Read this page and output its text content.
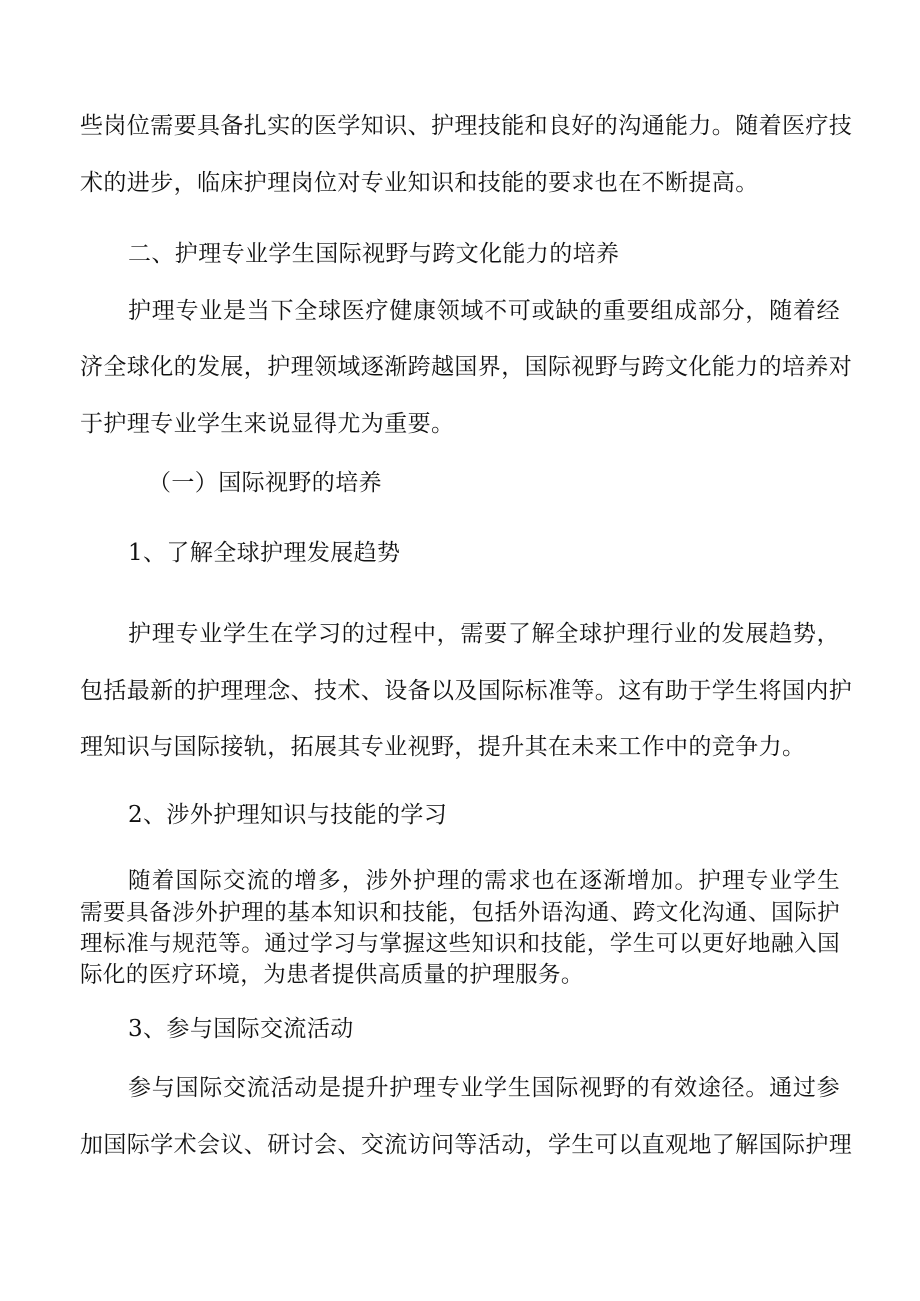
些岗位需要具备扎实的医学知识、护理技能和良好的沟通能力。随着医疗技
术的进步，临床护理岗位对专业知识和技能的要求也在不断提高。
二、护理专业学生国际视野与跨文化能力的培养
护理专业是当下全球医疗健康领域不可或缺的重要组成部分，随着经
济全球化的发展，护理领域逐渐跨越国界，国际视野与跨文化能力的培养对
于护理专业学生来说显得尤为重要。
（一）国际视野的培养
1、了解全球护理发展趋势
护理专业学生在学习的过程中，需要了解全球护理行业的发展趋势，
包括最新的护理理念、技术、设备以及国际标准等。这有助于学生将国内护
理知识与国际接轨，拓展其专业视野，提升其在未来工作中的竞争力。
2、涉外护理知识与技能的学习
随着国际交流的增多，涉外护理的需求也在逐渐增加。护理专业学生
需要具备涉外护理的基本知识和技能，包括外语沟通、跨文化沟通、国际护
理标准与规范等。通过学习与掌握这些知识和技能，学生可以更好地融入国
际化的医疗环境，为患者提供高质量的护理服务。
3、参与国际交流活动
参与国际交流活动是提升护理专业学生国际视野的有效途径。通过参
加国际学术会议、研讨会、交流访问等活动，学生可以直观地了解国际护理
